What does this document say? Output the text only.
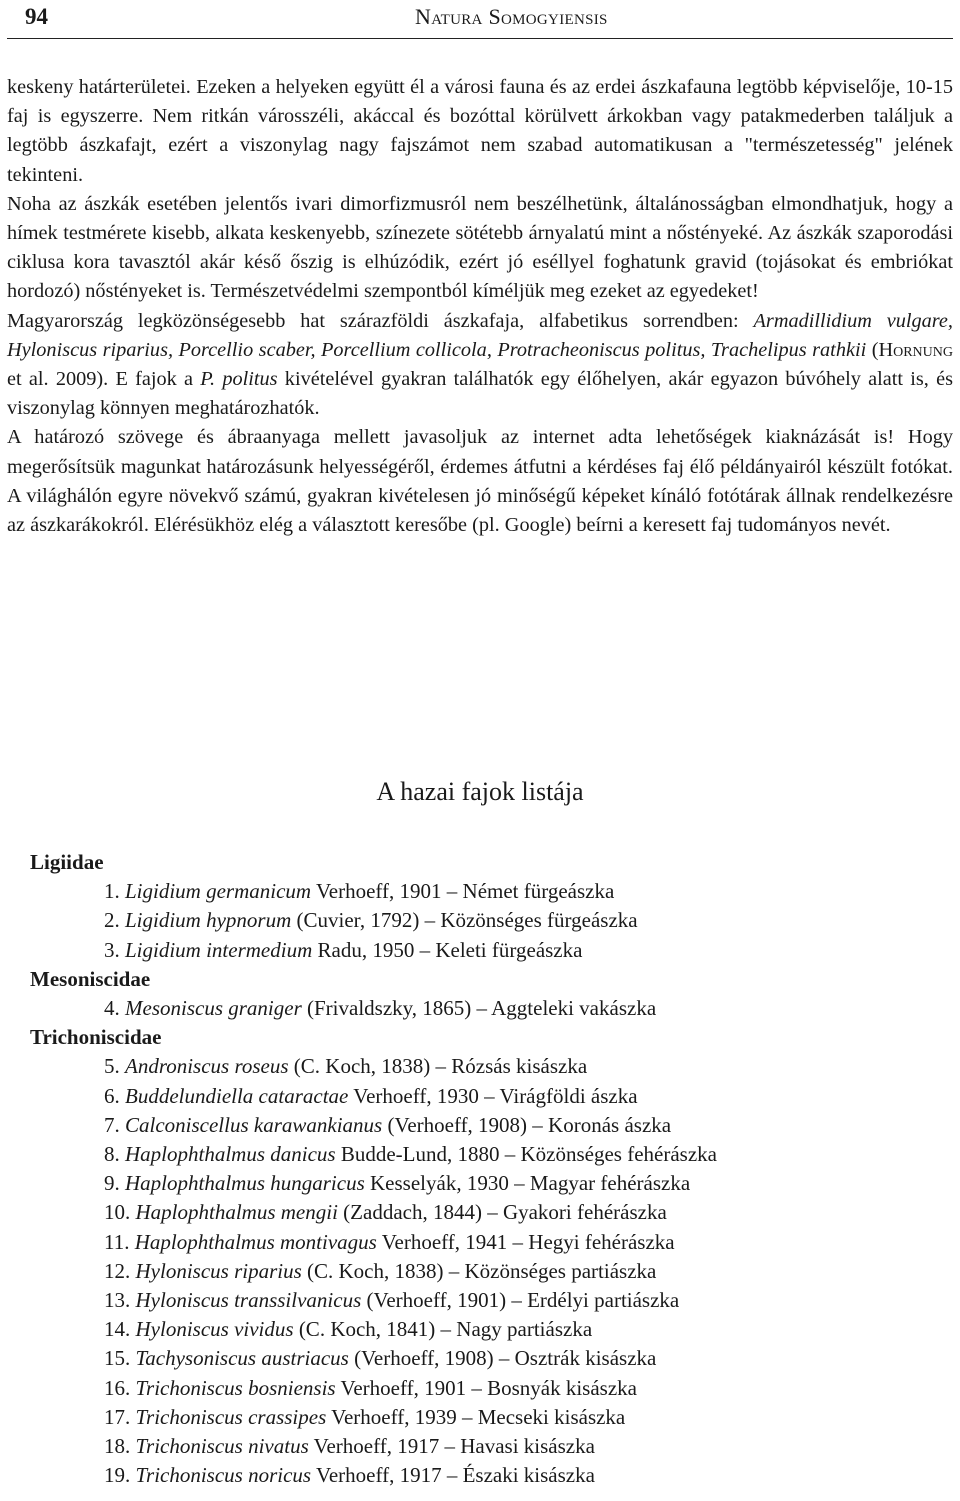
94	Natura Somogyiensis

keskeny határterületei. Ezeken a helyeken együtt él a városi fauna és az erdei ászkafauna legtöbb képviselője, 10-15 faj is egyszerre. Nem ritkán városszéli, akáccal és bozóttal körülvett árkokban vagy patakmederben találjuk a legtöbb ászkafajt, ezért a viszonylag nagy fajszámot nem szabad automatikusan a "természetesség" jelének tekinteni.

Noha az ászkák esetében jelentős ivari dimorfizmusról nem beszélhetünk, általánosságban elmondhatjuk, hogy a hímek testmérete kisebb, alkata keskenyebb, színezete sötétebb árnyalatú mint a nőstényeké. Az ászkák szaporodási ciklusa kora tavasztól akár késő őszig is elhúzódik, ezért jó eséllyel foghatunk gravid (tojásokat és embriókat hordozó) nőstényeket is. Természetvédelmi szempontból kíméljük meg ezeket az egyedeket!

Magyarország legközönségesebb hat szárazföldi ászkafaja, alfabetikus sorrendben: Armadillidium vulgare, Hyloniscus riparius, Porcellio scaber, Porcellium collicola, Protracheoniscus politus, Trachelipus rathkii (Hornung et al. 2009). E fajok a P. politus kivételével gyakran találhatók egy élőhelyen, akár egyazon búvóhely alatt is, és viszonylag könnyen meghatározhatók.

A határozó szövege és ábraanyaga mellett javasoljuk az internet adta lehetőségek kiaknázását is! Hogy megerősítsük magunkat határozásunk helyességéről, érdemes átfutni a kérdéses faj élő példányairól készült fotókat. A világhálón egyre növekvő számú, gyakran kivételesen jó minőségű képeket kínáló fotótárak állnak rendelkezésre az ászkarákokról. Elérésükhöz elég a választott keresőbe (pl. Google) beírni a keresett faj tudományos nevét.

A hazai fajok listája
Ligiidae
1. Ligidium germanicum Verhoeff, 1901 – Német fürgeászka
2. Ligidium hypnorum (Cuvier, 1792) – Közönséges fürgeászka
3. Ligidium intermedium Radu, 1950 – Keleti fürgeászka
Mesoniscidae
4. Mesoniscus graniger (Frivaldszky, 1865) – Aggteleki vakászka
Trichoniscidae
5. Androniscus roseus (C. Koch, 1838) – Rózsás kisászka
6. Buddelundiella cataractae Verhoeff, 1930 – Virágföldi ászka
7. Calconiscellus karawankianus (Verhoeff, 1908) – Koronás ászka
8. Haplophthalmus danicus Budde-Lund, 1880 – Közönséges fehérászka
9. Haplophthalmus hungaricus Kesselyák, 1930 – Magyar fehérászka
10. Haplophthalmus mengii (Zaddach, 1844) – Gyakori fehérászka
11. Haplophthalmus montivagus Verhoeff, 1941 – Hegyi fehérászka
12. Hyloniscus riparius (C. Koch, 1838) – Közönséges partiászka
13. Hyloniscus transsilvanicus (Verhoeff, 1901) – Erdélyi partiászka
14. Hyloniscus vividus (C. Koch, 1841) – Nagy partiászka
15. Tachysoniscus austriacus (Verhoeff, 1908) – Osztrák kisászka
16. Trichoniscus bosniensis Verhoeff, 1901 – Bosnyák kisászka
17. Trichoniscus crassipes Verhoeff, 1939 – Mecseki kisászka
18. Trichoniscus nivatus Verhoeff, 1917 – Havasi kisászka
19. Trichoniscus noricus Verhoeff, 1917 – Északi kisászka
